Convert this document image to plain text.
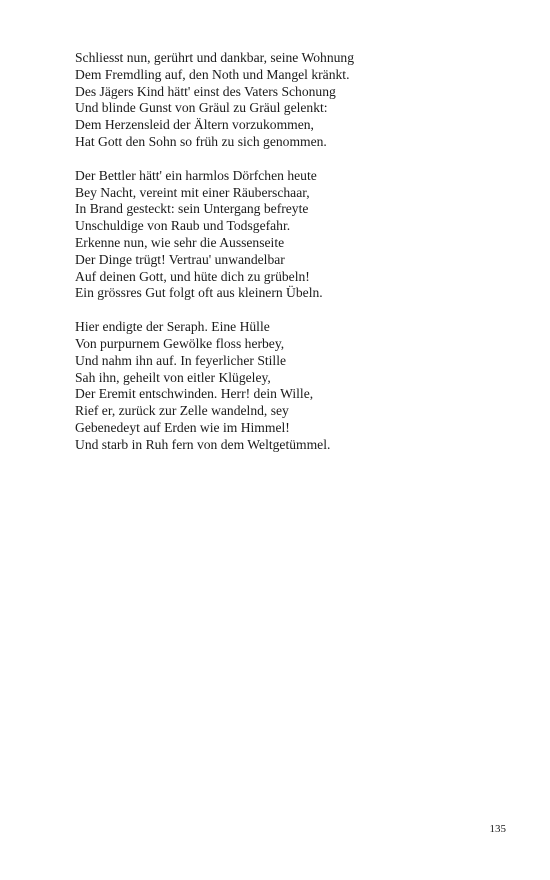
Schliesst nun, gerührt und dankbar, seine Wohnung
Dem Fremdling auf, den Noth und Mangel kränkt.
Des Jägers Kind hätt' einst des Vaters Schonung
Und blinde Gunst von Gräul zu Gräul gelenkt:
Dem Herzensleid der Ältern vorzukommen,
Hat Gott den Sohn so früh zu sich genommen.
Der Bettler hätt' ein harmlos Dörfchen heute
Bey Nacht, vereint mit einer Räuberschaar,
In Brand gesteckt: sein Untergang befreyte
Unschuldige von Raub und Todsgefahr.
Erkenne nun, wie sehr die Aussenseite
Der Dinge trügt! Vertrau' unwandelbar
Auf deinen Gott, und hüte dich zu grübeln!
Ein grössres Gut folgt oft aus kleinern Übeln.
Hier endigte der Seraph. Eine Hülle
Von purpurnem Gewölke floss herbey,
Und nahm ihn auf. In feyerlicher Stille
Sah ihn, geheilt von eitler Klügeley,
Der Eremit entschwinden. Herr! dein Wille,
Rief er, zurück zur Zelle wandelnd, sey
Gebenedeyt auf Erden wie im Himmel!
Und starb in Ruh fern von dem Weltgetümmel.
135
